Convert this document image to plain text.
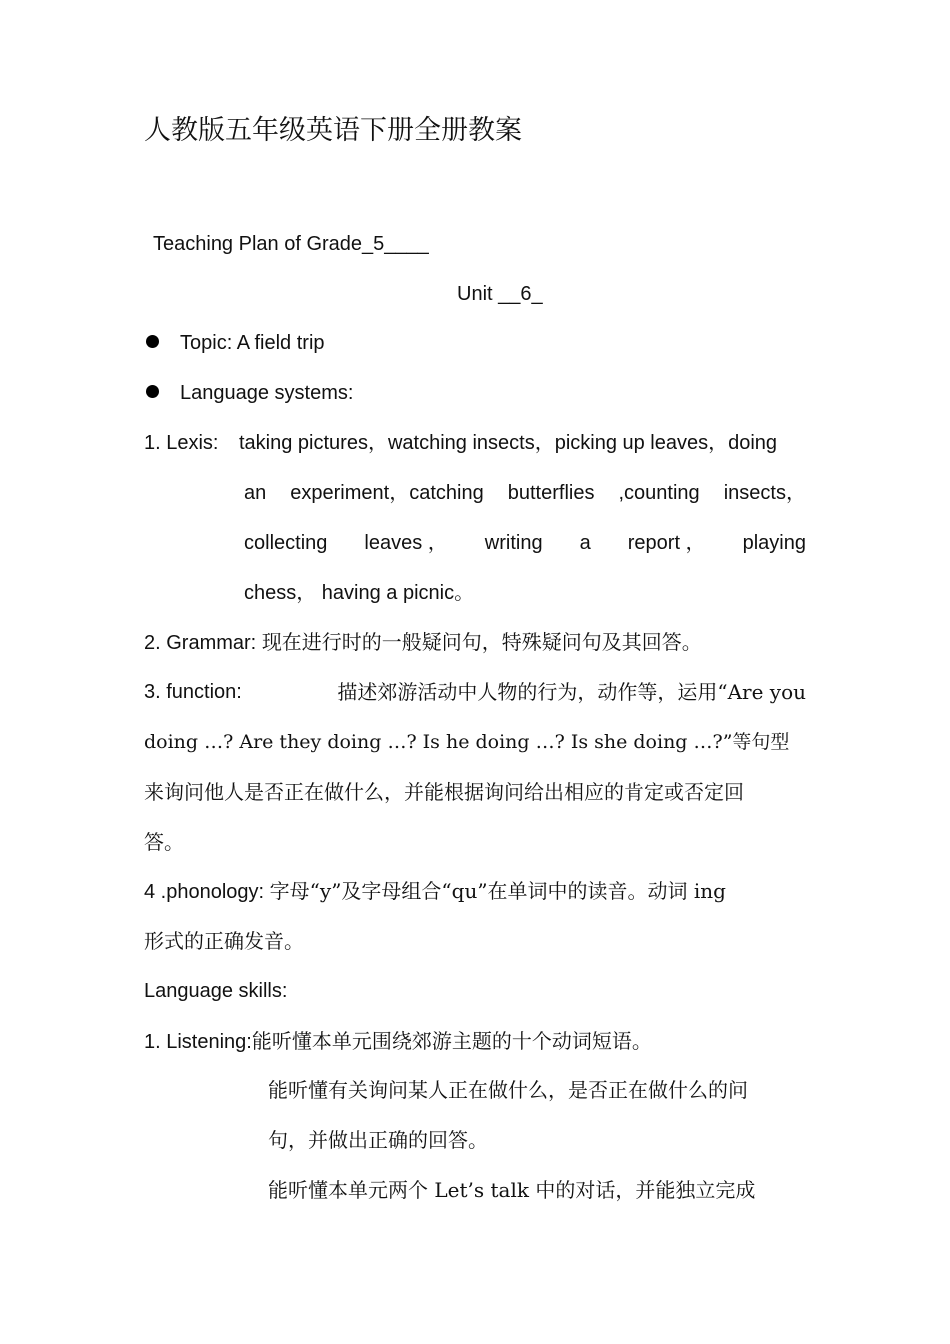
人教版五年级英语下册全册教案
Teaching Plan of Grade_5____
Unit __6_
Topic: A field trip
Language systems:
1. Lexis: taking pictures，watching insects，picking up leaves，doing
an experiment，catching butterflies ,counting insects，
collecting leaves ， writing a report ， playing
chess， having a picnic。
2. Grammar: 现在进行时的一般疑问句，特殊疑问句及其回答。
3. function:	描述郊游活动中人物的行为，动作等，运用“Are you
doing …? Are they doing …? Is he doing …? Is she doing …?”等句型
来询问他人是否正在做什么，并能根据询问给出相应的肯定或否定回
答。
4 .phonology: 字母“y”及字母组合“qu”在单词中的读音。动词 ing
形式的正确发音。
Language skills:
1. Listening:能听懂本单元围绕郊游主题的十个动词短语。
能听懂有关询问某人正在做什么，是否正在做什么的问
句，并做出正确的回答。
能听懂本单元两个 Let’s talk 中的对话，并能独立完成
